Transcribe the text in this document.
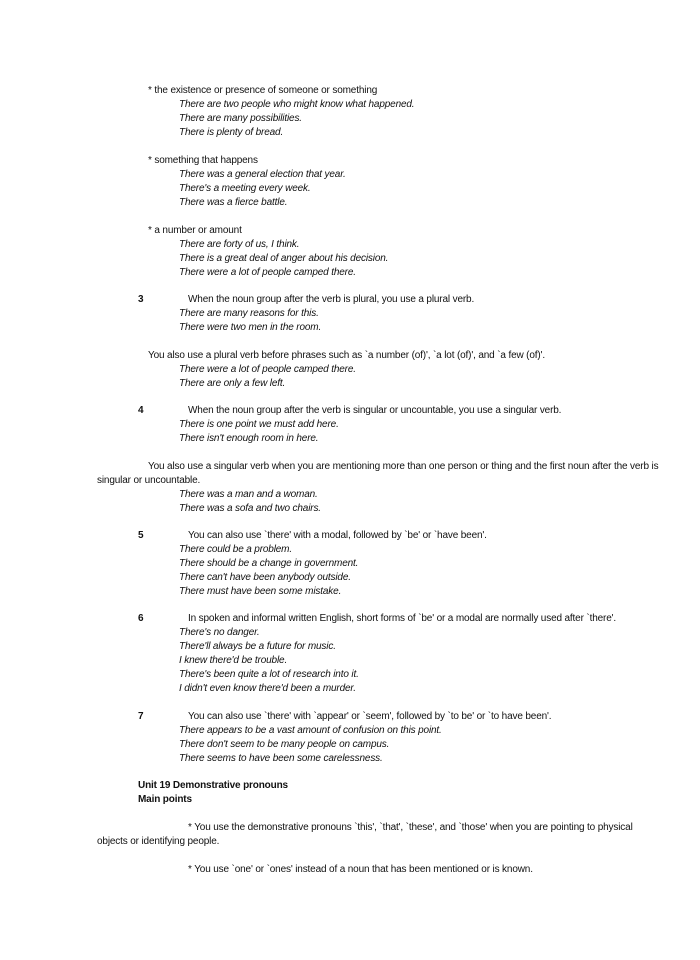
* the existence or presence of someone or something
There are two people who might know what happened.
There are many possibilities.
There is plenty of bread.
* something that happens
There was a general election that year.
There's a meeting every week.
There was a fierce battle.
* a number or amount
There are forty of us, I think.
There is a great deal of anger about his decision.
There were a lot of people camped there.
3	When the noun group after the verb is plural, you use a plural verb.
There are many reasons for this.
There were two men in the room.
You also use a plural verb before phrases such as `a number (of)', `a lot (of)', and `a few (of)'.
There were a lot of people camped there.
There are only a few left.
4	When the noun group after the verb is singular or uncountable, you use a singular verb.
There is one point we must add here.
There isn't enough room in here.
You also use a singular verb when you are mentioning more than one person or thing and the first noun after the verb is
singular or uncountable.
There was a man and a woman.
There was a sofa and two chairs.
5	You can also use `there' with a modal, followed by `be' or `have been'.
There could be a problem.
There should be a change in government.
There can't have been anybody outside.
There must have been some mistake.
6	In spoken and informal written English, short forms of `be' or a modal are normally used after `there'.
There's no danger.
There'll always be a future for music.
I knew there'd be trouble.
There's been quite a lot of research into it.
I didn't even know there'd been a murder.
7	You can also use `there' with `appear' or `seem', followed by `to be' or `to have been'.
There appears to be a vast amount of confusion on this point.
There don't seem to be many people on campus.
There seems to have been some carelessness.
Unit 19 Demonstrative pronouns
Main points
* You use the demonstrative pronouns `this', `that', `these', and `those' when you are pointing to physical
objects or identifying people.
* You use `one' or `ones' instead of a noun that has been mentioned or is known.
